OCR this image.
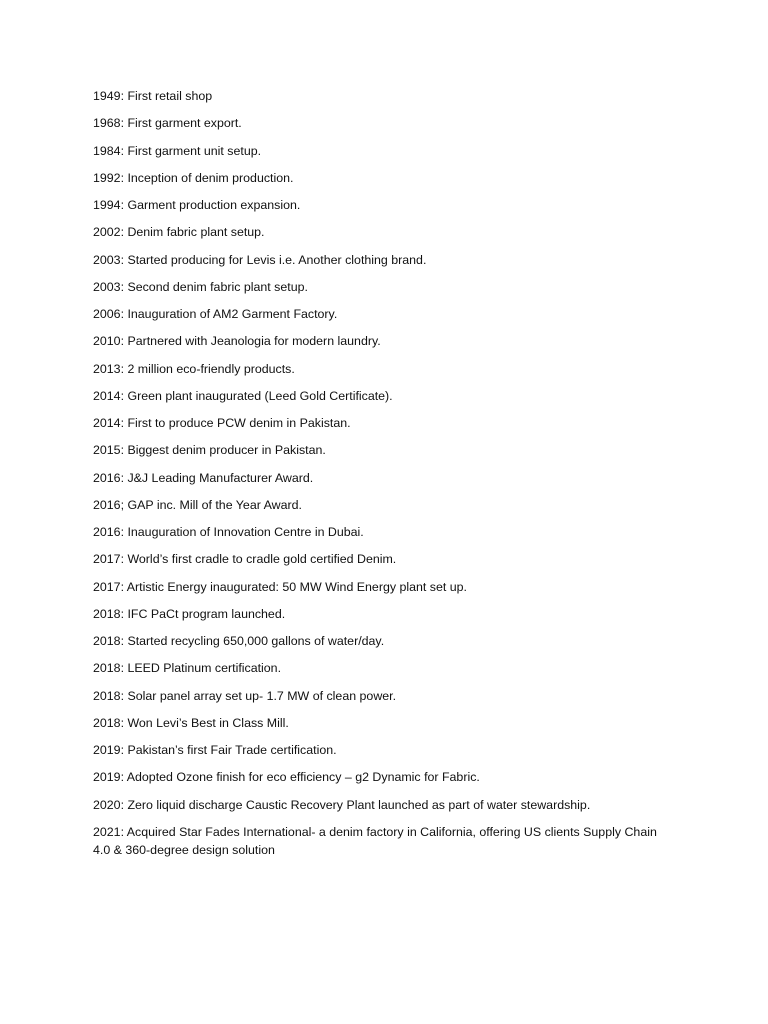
1949: First retail shop
1968: First garment export.
1984: First garment unit setup.
1992: Inception of denim production.
1994: Garment production expansion.
2002: Denim fabric plant setup.
2003: Started producing for Levis i.e. Another clothing brand.
2003: Second denim fabric plant setup.
2006: Inauguration of AM2 Garment Factory.
2010: Partnered with Jeanologia for modern laundry.
2013: 2 million eco-friendly products.
2014: Green plant inaugurated (Leed Gold Certificate).
2014: First to produce PCW denim in Pakistan.
2015: Biggest denim producer in Pakistan.
2016: J&J Leading Manufacturer Award.
2016; GAP inc. Mill of the Year Award.
2016: Inauguration of Innovation Centre in Dubai.
2017: World’s first cradle to cradle gold certified Denim.
2017: Artistic Energy inaugurated: 50 MW Wind Energy plant set up.
2018: IFC PaCt program launched.
2018: Started recycling 650,000 gallons of water/day.
2018: LEED Platinum certification.
2018: Solar panel array set up- 1.7 MW of clean power.
2018: Won Levi’s Best in Class Mill.
2019: Pakistan’s first Fair Trade certification.
2019: Adopted Ozone finish for eco efficiency – g2 Dynamic for Fabric.
2020: Zero liquid discharge Caustic Recovery Plant launched as part of water stewardship.
2021: Acquired Star Fades International- a denim factory in California, offering US clients Supply Chain 4.0 & 360-degree design solution
